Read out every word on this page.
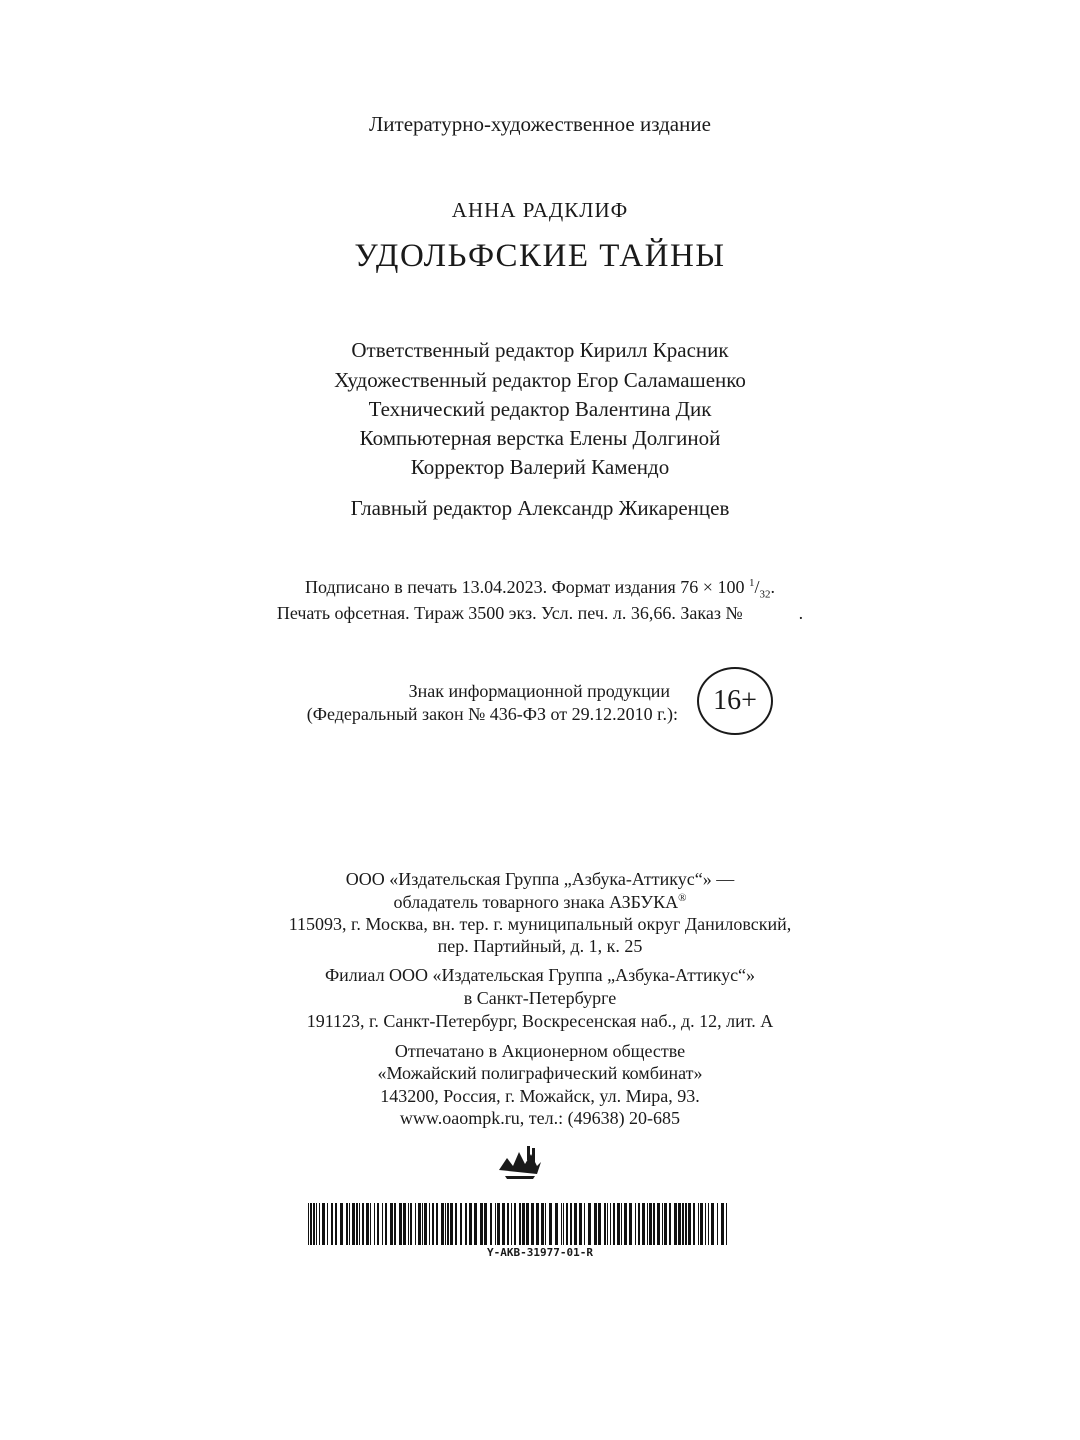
Литературно-художественное издание
АННА РАДКЛИФ
УДОЛЬФСКИЕ ТАЙНЫ
Ответственный редактор Кирилл Красник
Художественный редактор Егор Саламашенко
Технический редактор Валентина Дик
Компьютерная верстка Елены Долгиной
Корректор Валерий Камендо
Главный редактор Александр Жикаренцев
Подписано в печать 13.04.2023. Формат издания 76 × 100 $^1/_{32}$.
Печать офсетная. Тираж 3500 экз. Усл. печ. л. 36,66. Заказ №	.
Знак информационной продукции
(Федеральный закон № 436-ФЗ от 29.12.2010 г.): 16+
ООО «Издательская Группа „Азбука-Аттикус“» —
обладатель товарного знака АЗБУКА®
115093, г. Москва, вн. тер. г. муниципальный округ Даниловский,
пер. Партийный, д. 1, к. 25
Филиал ООО «Издательская Группа „Азбука-Аттикус“»
в Санкт-Петербурге
191123, г. Санкт-Петербург, Воскресенская наб., д. 12, лит. А
Отпечатано в Акционерном обществе
«Можайский полиграфический комбинат»
143200, Россия, г. Можайск, ул. Мира, 93.
www.oaompk.ru, тел.: (49638) 20-685
Y-AKB-31977-01-R
